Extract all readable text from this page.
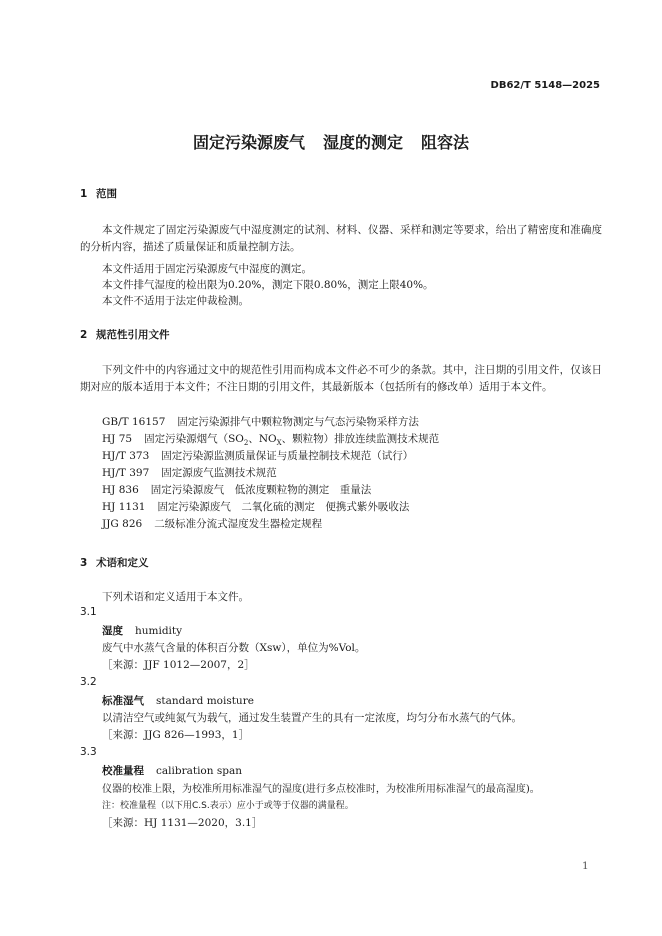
DB62/T 5148—2025
固定污染源废气 湿度的测定 阻容法
1 范围
本文件规定了固定污染源废气中湿度测定的试剂、材料、仪器、采样和测定等要求，给出了精密度和准确度的分析内容，描述了质量保证和质量控制方法。
本文件适用于固定污染源废气中湿度的测定。
本文件排气湿度的检出限为0.20%，测定下限0.80%，测定上限40%。
本文件不适用于法定仲裁检测。
2 规范性引用文件
下列文件中的内容通过文中的规范性引用而构成本文件必不可少的条款。其中，注日期的引用文件，仅该日期对应的版本适用于本文件；不注日期的引用文件，其最新版本（包括所有的修改单）适用于本文件。
GB/T 16157 固定污染源排气中颗粒物测定与气态污染物采样方法
HJ 75 固定污染源烟气（$SO_2$、$NO_X$、颗粒物）排放连续监测技术规范
HJ/T 373 固定污染源监测质量保证与质量控制技术规范（试行）
HJ/T 397 固定源废气监测技术规范
HJ 836 固定污染源废气　低浓度颗粒物的测定　重量法
HJ 1131 固定污染源废气　二氧化硫的测定　便携式紫外吸收法
JJG 826 二级标准分流式湿度发生器检定规程
3 术语和定义
下列术语和定义适用于本文件。
3.1
湿度 humidity
废气中水蒸气含量的体积百分数（Xsw），单位为%Vol。
［来源：JJF 1012—2007，2］
3.2
标准湿气 standard moisture
以清洁空气或纯氮气为载气，通过发生装置产生的具有一定浓度，均匀分布水蒸气的气体。
［来源：JJG 826—1993，1］
3.3
校准量程 calibration span
仪器的校准上限，为校准所用标准湿气的湿度(进行多点校准时，为校准所用标准湿气的最高湿度)。
注：校准量程（以下用C.S.表示）应小于或等于仪器的满量程。
［来源：HJ 1131—2020，3.1］
1
